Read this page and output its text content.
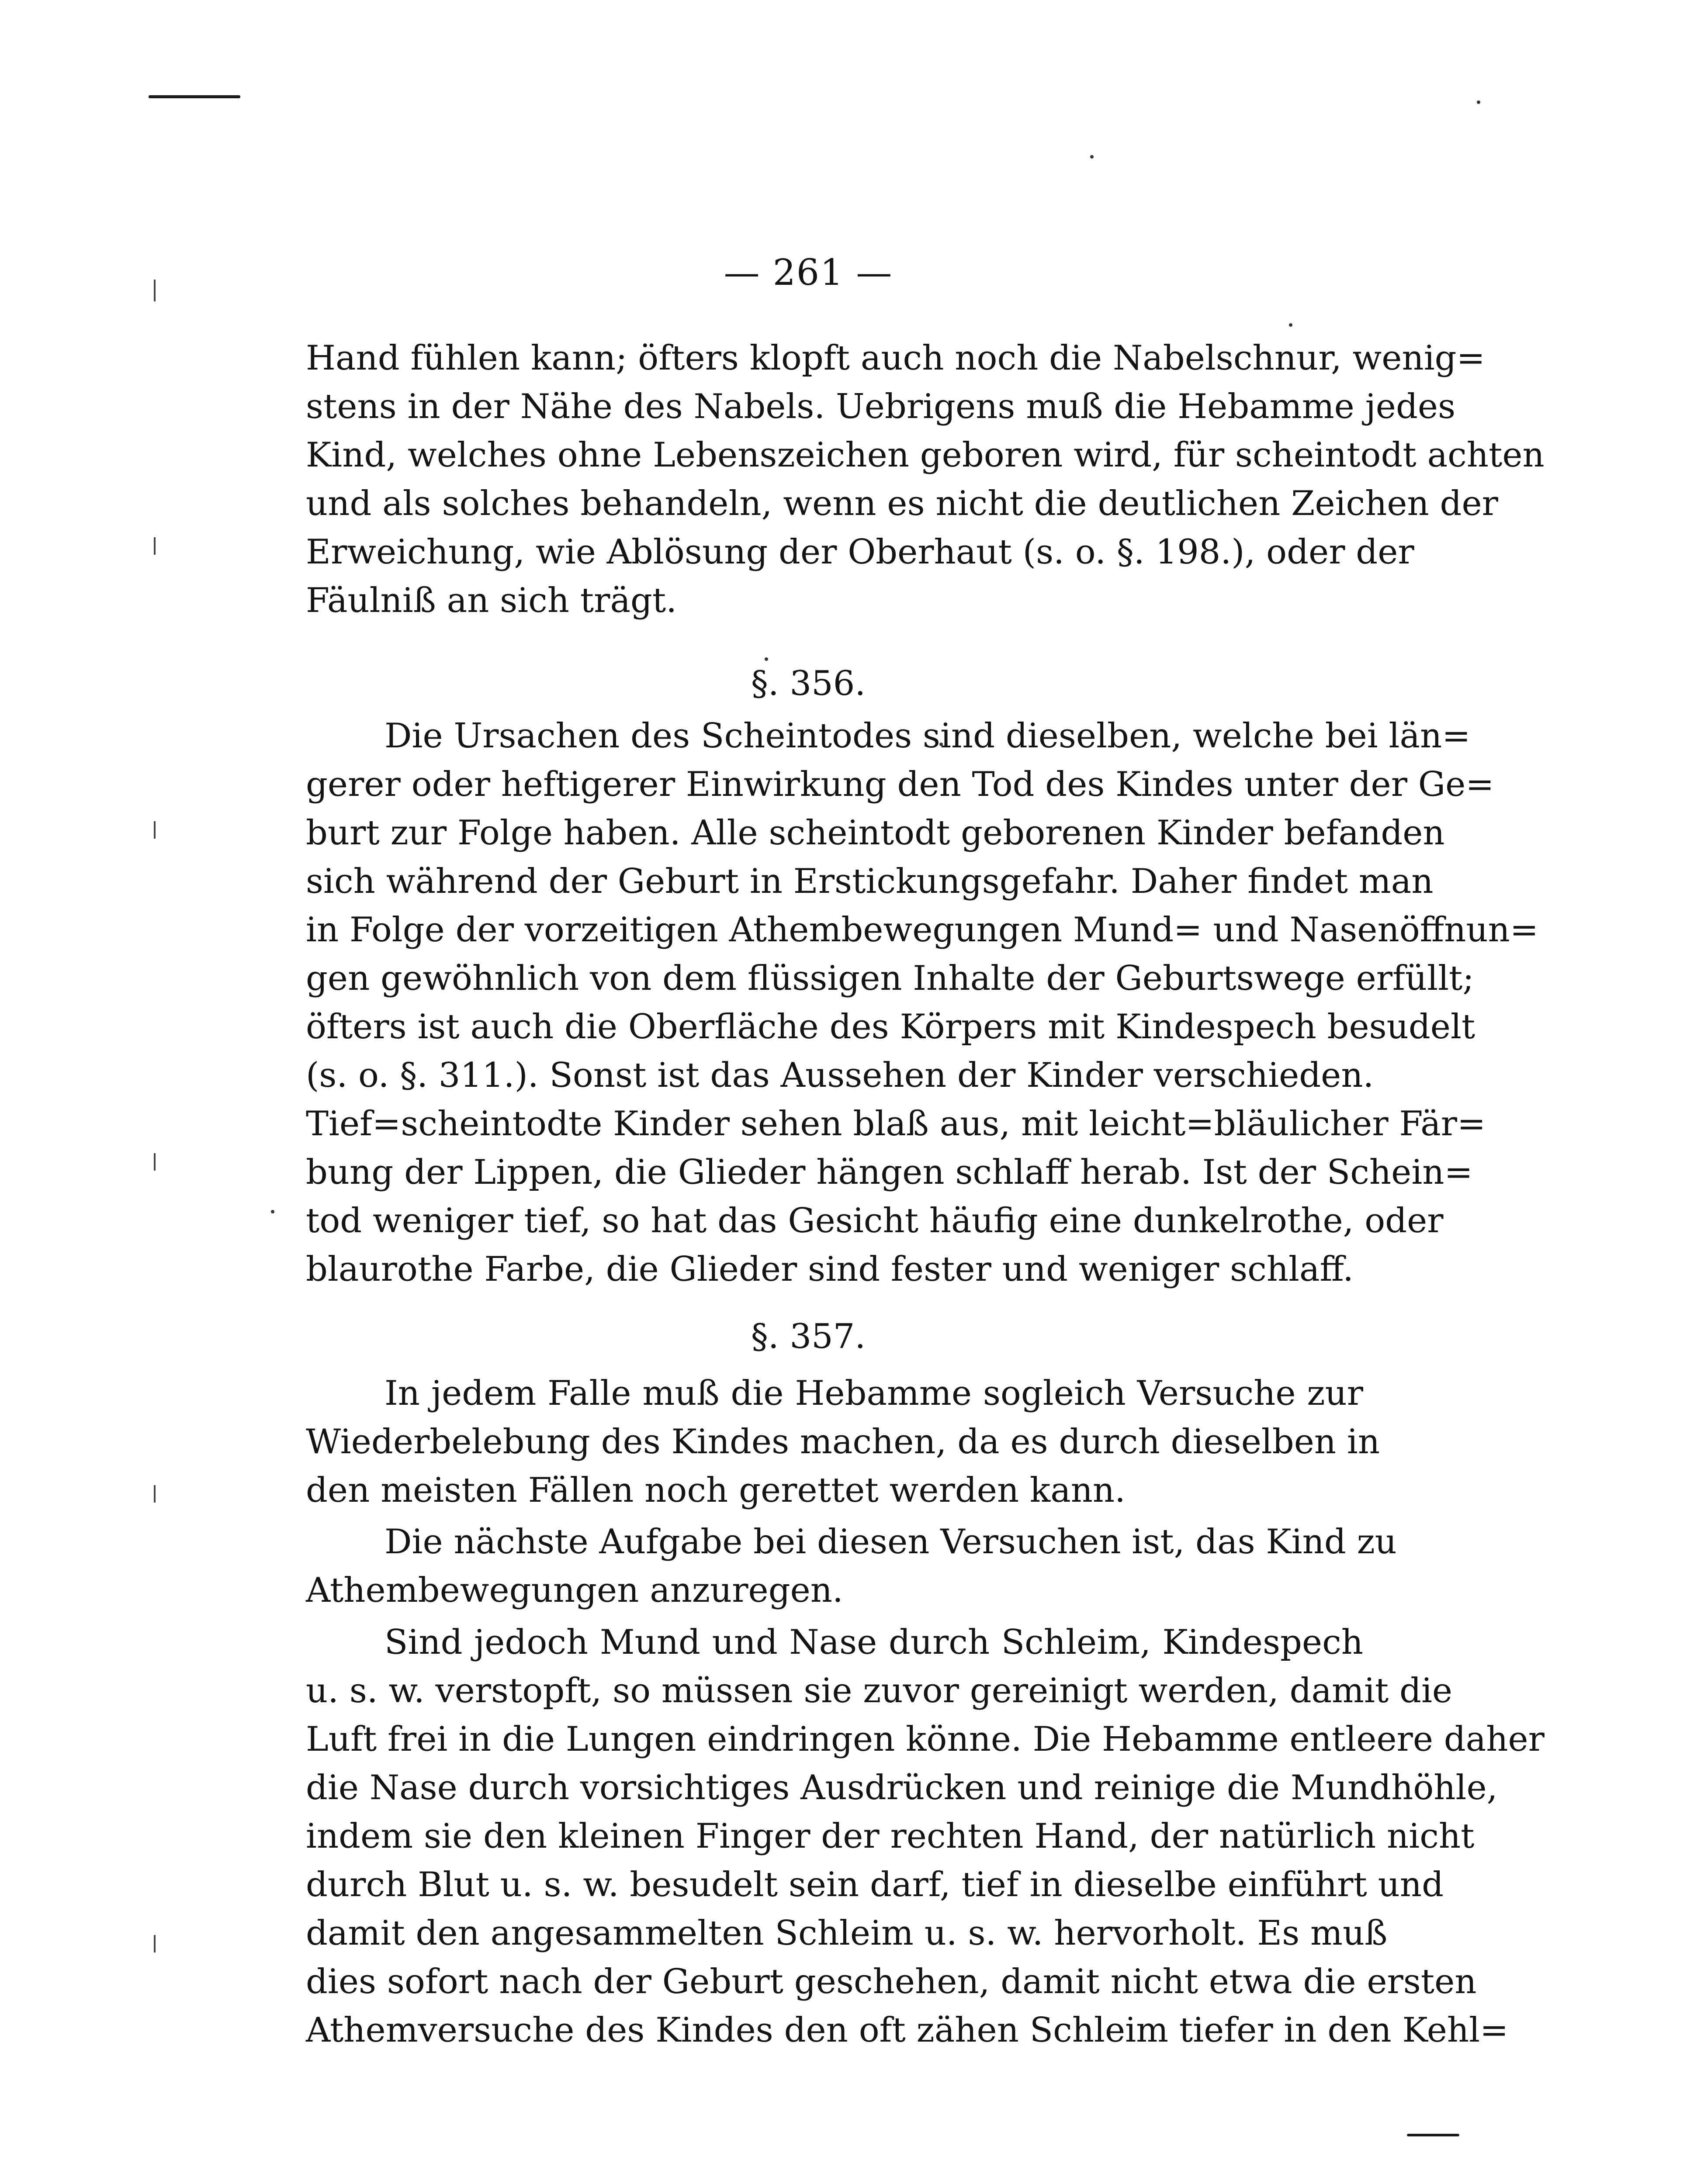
— 261 —
Hand fühlen kann; öfters klopft auch noch die Nabelschnur, wenig=
stens in der Nähe des Nabels. Uebrigens muß die Hebamme jedes
Kind, welches ohne Lebenszeichen geboren wird, für scheintodt achten
und als solches behandeln, wenn es nicht die deutlichen Zeichen der
Erweichung, wie Ablösung der Oberhaut (s. o. §. 198.), oder der
Fäulniß an sich trägt.
§. 356.
Die Ursachen des Scheintodes sind dieselben, welche bei län=
gerer oder heftigerer Einwirkung den Tod des Kindes unter der Ge=
burt zur Folge haben. Alle scheintodt geborenen Kinder befanden
sich während der Geburt in Erstickungsgefahr. Daher findet man
in Folge der vorzeitigen Athembewegungen Mund= und Nasenöffnun=
gen gewöhnlich von dem flüssigen Inhalte der Geburtswege erfüllt;
öfters ist auch die Oberfläche des Körpers mit Kindespech besudelt
(s. o. §. 311.). Sonst ist das Aussehen der Kinder verschieden.
Tief=scheintodte Kinder sehen blaß aus, mit leicht=bläulicher Fär=
bung der Lippen, die Glieder hängen schlaff herab. Ist der Schein=
tod weniger tief, so hat das Gesicht häufig eine dunkelrothe, oder
blaurothe Farbe, die Glieder sind fester und weniger schlaff.
§. 357.
In jedem Falle muß die Hebamme sogleich Versuche zur
Wiederbelebung des Kindes machen, da es durch dieselben in
den meisten Fällen noch gerettet werden kann.
Die nächste Aufgabe bei diesen Versuchen ist, das Kind zu
Athembewegungen anzuregen.
Sind jedoch Mund und Nase durch Schleim, Kindespech
u. s. w. verstopft, so müssen sie zuvor gereinigt werden, damit die
Luft frei in die Lungen eindringen könne. Die Hebamme entleere daher
die Nase durch vorsichtiges Ausdrücken und reinige die Mundhöhle,
indem sie den kleinen Finger der rechten Hand, der natürlich nicht
durch Blut u. s. w. besudelt sein darf, tief in dieselbe einführt und
damit den angesammelten Schleim u. s. w. hervorholt. Es muß
dies sofort nach der Geburt geschehen, damit nicht etwa die ersten
Athemversuche des Kindes den oft zähen Schleim tiefer in den Kehl=
